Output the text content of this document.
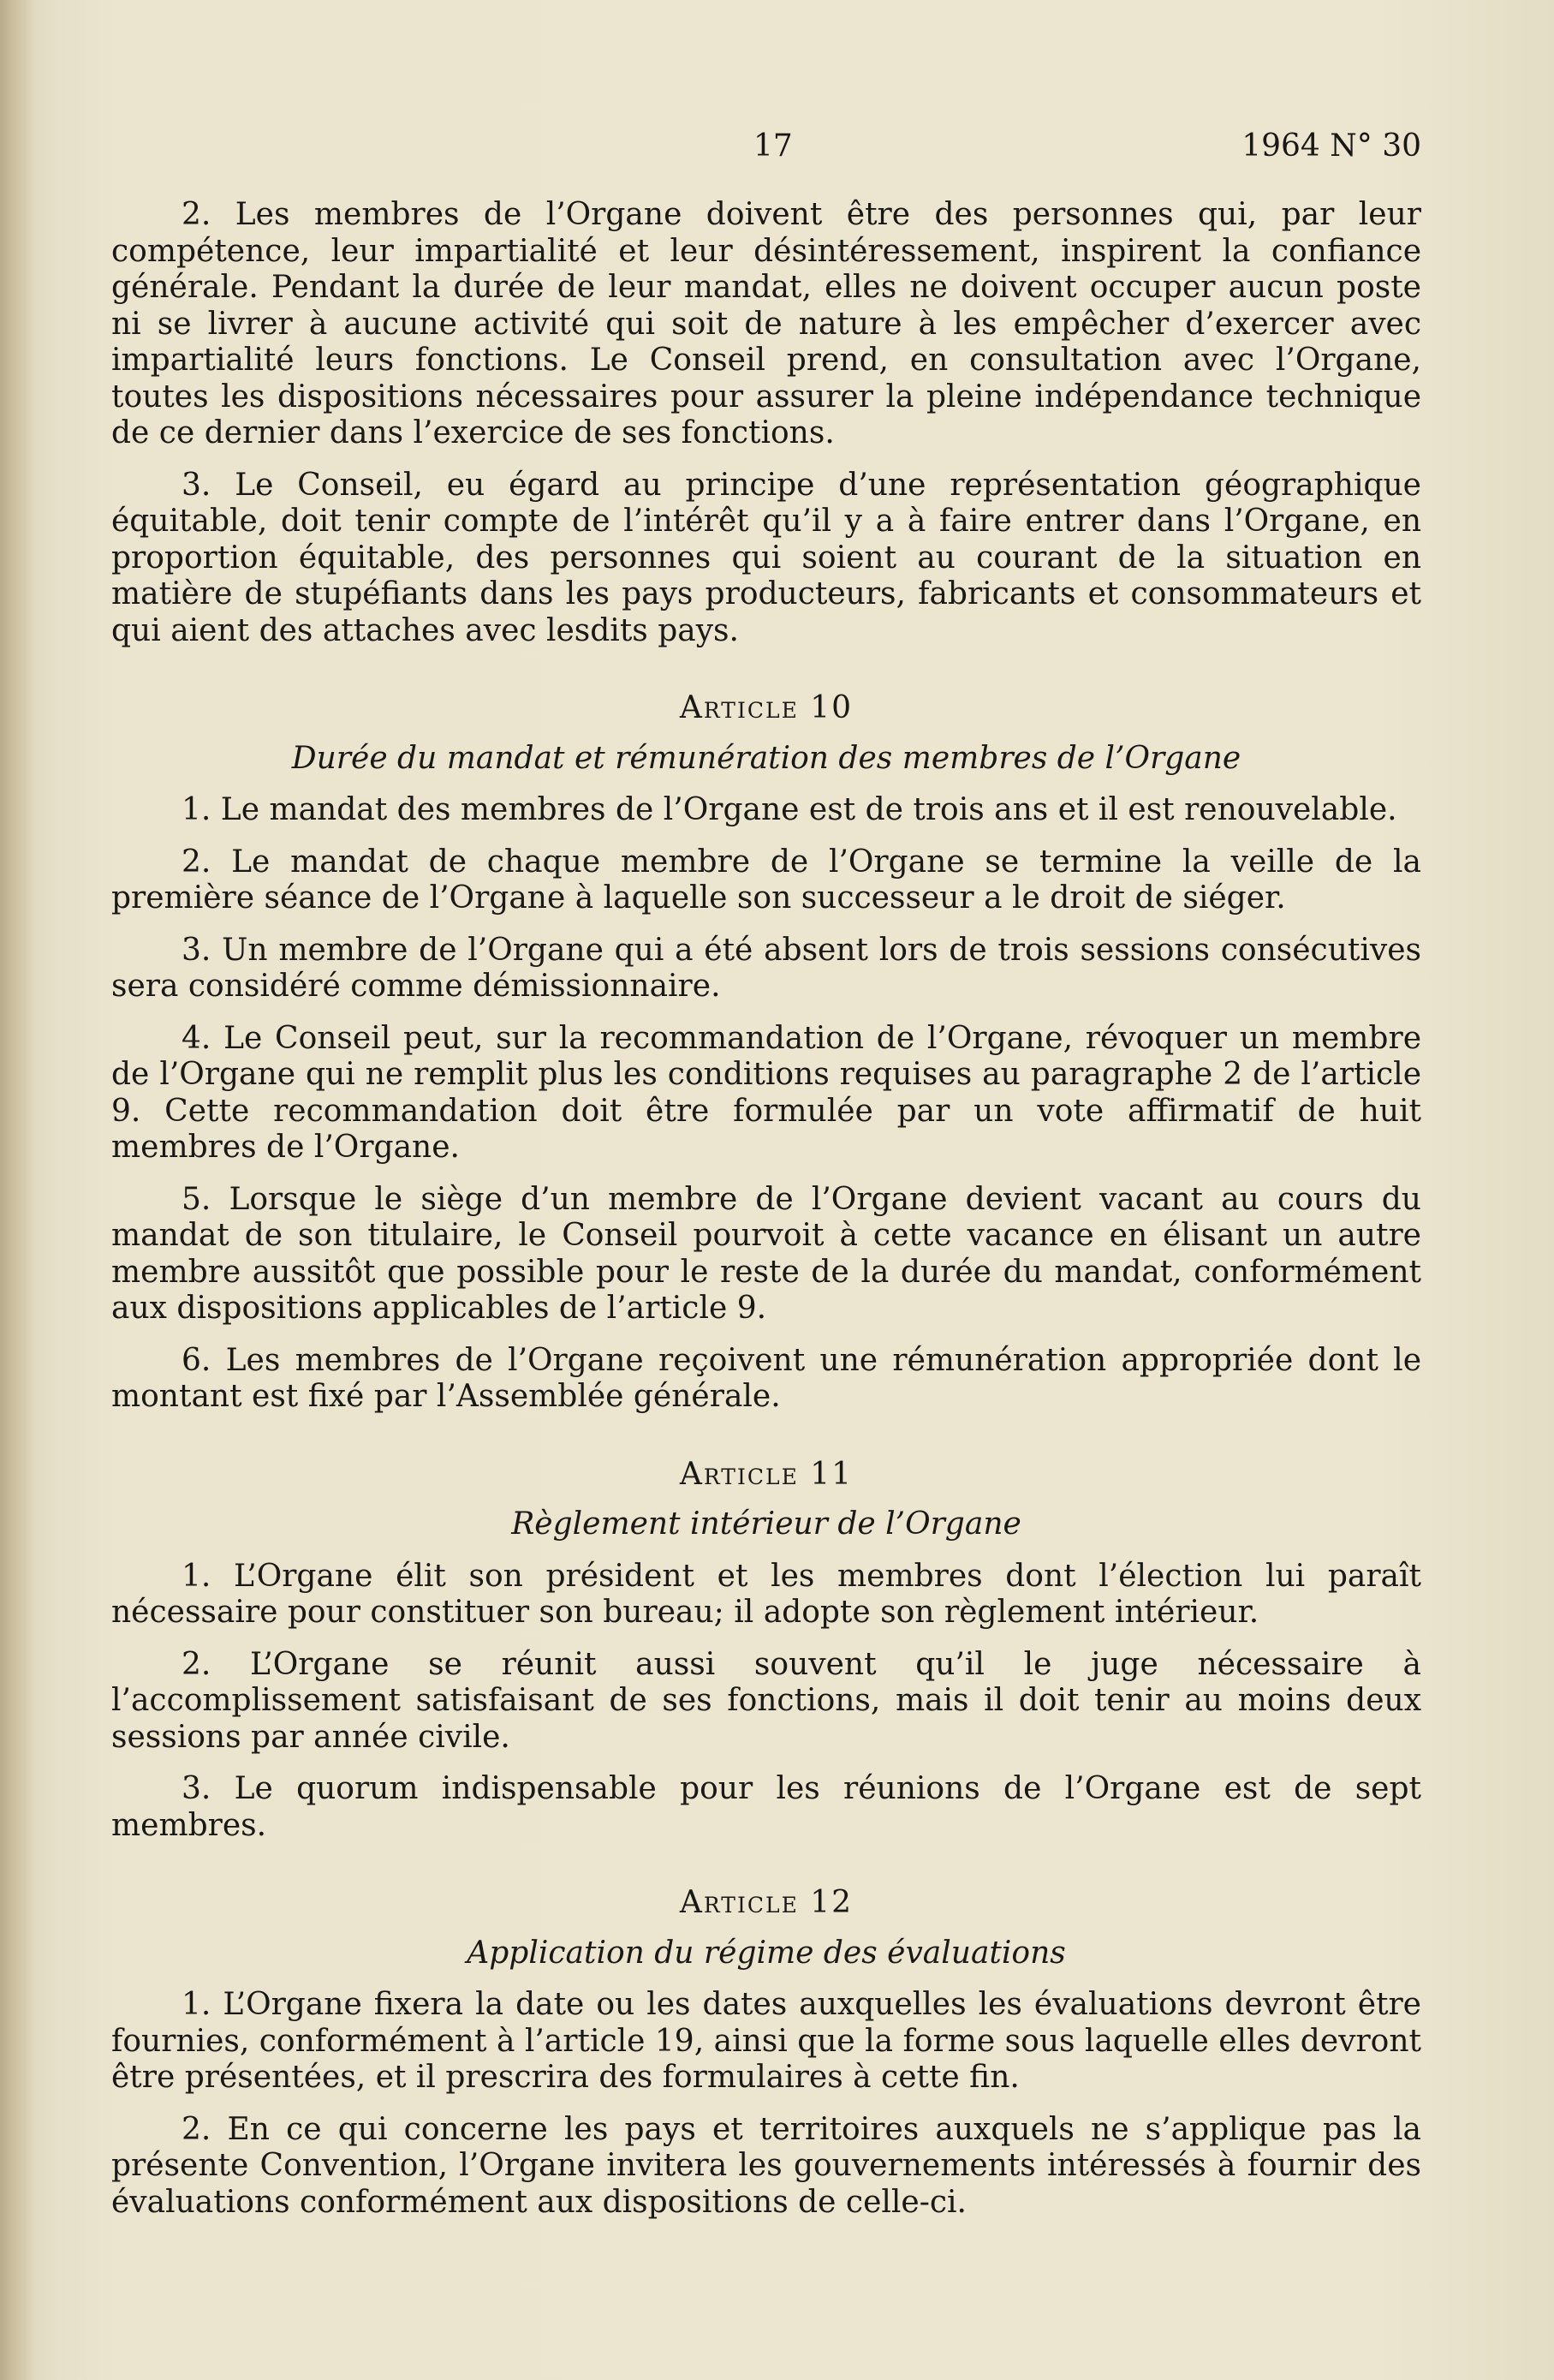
17	1964 N° 30

2. Les membres de l’Organe doivent être des personnes qui, par leur compétence, leur impartialité et leur désintéressement, inspirent la confiance générale. Pendant la durée de leur mandat, elles ne doivent occuper aucun poste ni se livrer à aucune activité qui soit de nature à les empêcher d’exercer avec impartialité leurs fonctions. Le Conseil prend, en consultation avec l’Organe, toutes les dispositions nécessaires pour assurer la pleine indépendance technique de ce dernier dans l’exercice de ses fonctions.

3. Le Conseil, eu égard au principe d’une représentation géographique équitable, doit tenir compte de l’intérêt qu’il y a à faire entrer dans l’Organe, en proportion équitable, des personnes qui soient au courant de la situation en matière de stupéfiants dans les pays producteurs, fabricants et consommateurs et qui aient des attaches avec lesdits pays.

Article 10
Durée du mandat et rémunération des membres de l’Organe

1. Le mandat des membres de l’Organe est de trois ans et il est renouvelable.

2. Le mandat de chaque membre de l’Organe se termine la veille de la première séance de l’Organe à laquelle son successeur a le droit de siéger.

3. Un membre de l’Organe qui a été absent lors de trois sessions consécutives sera considéré comme démissionnaire.

4. Le Conseil peut, sur la recommandation de l’Organe, révoquer un membre de l’Organe qui ne remplit plus les conditions requises au paragraphe 2 de l’article 9. Cette recommandation doit être formulée par un vote affirmatif de huit membres de l’Organe.

5. Lorsque le siège d’un membre de l’Organe devient vacant au cours du mandat de son titulaire, le Conseil pourvoit à cette vacance en élisant un autre membre aussitôt que possible pour le reste de la durée du mandat, conformément aux dispositions applicables de l’article 9.

6. Les membres de l’Organe reçoivent une rémunération appropriée dont le montant est fixé par l’Assemblée générale.

Article 11
Règlement intérieur de l’Organe

1. L’Organe élit son président et les membres dont l’élection lui paraît nécessaire pour constituer son bureau; il adopte son règlement intérieur.

2. L’Organe se réunit aussi souvent qu’il le juge nécessaire à l’accomplissement satisfaisant de ses fonctions, mais il doit tenir au moins deux sessions par année civile.

3. Le quorum indispensable pour les réunions de l’Organe est de sept membres.

Article 12
Application du régime des évaluations

1. L’Organe fixera la date ou les dates auxquelles les évaluations devront être fournies, conformément à l’article 19, ainsi que la forme sous laquelle elles devront être présentées, et il prescrira des formulaires à cette fin.

2. En ce qui concerne les pays et territoires auxquels ne s’applique pas la présente Convention, l’Organe invitera les gouvernements intéressés à fournir des évaluations conformément aux dispositions de celle-ci.
